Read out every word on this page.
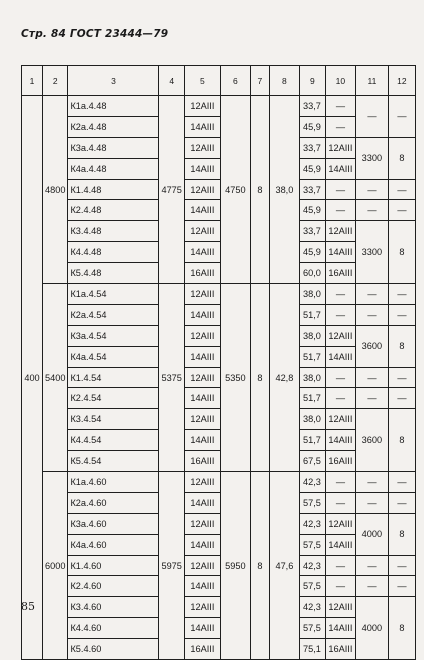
Стр. 84 ГОСТ 23444—79
1	2	3	4	5	6	7	8	9	10	11	12
400	4800	К1а.4.48	4775	12АIII	4750	8	38,0	33,7	—	—	—
		К2а.4.48		14АIII				45,9	—		
		К3а.4.48		12АIII				33,7	12АIII	3300	8
		К4а.4.48		14АIII				45,9	14АIII		
		К1.4.48		12АIII				33,7	—	—	—
		К2.4.48		14АIII				45,9	—	—	—
		К3.4.48		12АIII				33,7	12АIII	3300	8
		К4.4.48		14АIII				45,9	14АIII		
		К5.4.48		16АIII				60,0	16АIII		
	5400	К1а.4.54	5375	12АIII	5350	8	42,8	38,0	—	—	—
		К2а.4.54		14АIII				51,7	—	—	—
		К3а.4.54		12АIII				38,0	12АIII	3600	8
		К4а.4.54		14АIII				51,7	14АIII		
		К1.4.54		12АIII				38,0	—	—	—
		К2.4.54		14АIII				51,7	—	—	—
		К3.4.54		12АIII				38,0	12АIII	3600	8
		К4.4.54		14АIII				51,7	14АIII		
		К5.4.54		16АIII				67,5	16АIII		
	6000	К1а.4.60	5975	12АIII	5950	8	47,6	42,3	—	—	—
		К2а.4.60		14АIII				57,5	—	—	—
		К3а.4.60		12АIII				42,3	12АIII	4000	8
		К4а.4.60		14АIII				57,5	14АIII		
		К1.4.60		12АIII				42,3	—	—	—
		К2.4.60		14АIII				57,5	—	—	—
		К3.4.60		12АIII				42,3	12АIII	4000	8
		К4.4.60		14АIII				57,5	14АIII		
		К5.4.60		16АIII				75,1	16АIII		
85
